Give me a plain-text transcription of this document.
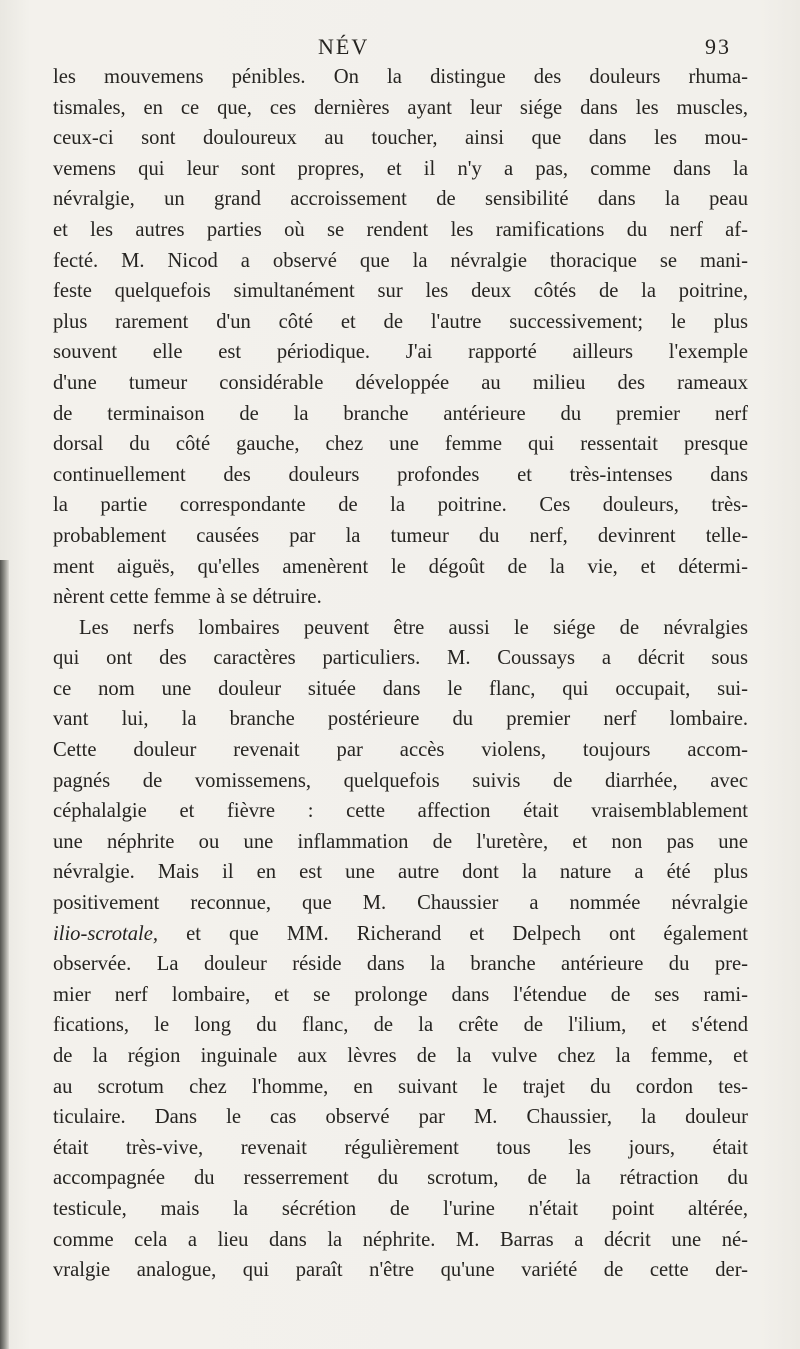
NÉV	93
les mouvemens pénibles. On la distingue des douleurs rhuma-
tismales, en ce que, ces dernières ayant leur siége dans les muscles,
ceux-ci sont douloureux au toucher, ainsi que dans les mou-
vemens qui leur sont propres, et il n'y a pas, comme dans la
névralgie, un grand accroissement de sensibilité dans la peau
et les autres parties où se rendent les ramifications du nerf af-
fecté. M. Nicod a observé que la névralgie thoracique se mani-
feste quelquefois simultanément sur les deux côtés de la poitrine,
plus rarement d'un côté et de l'autre successivement; le plus
souvent elle est périodique. J'ai rapporté ailleurs l'exemple
d'une tumeur considérable développée au milieu des rameaux
de terminaison de la branche antérieure du premier nerf
dorsal du côté gauche, chez une femme qui ressentait presque
continuellement des douleurs profondes et très-intenses dans
la partie correspondante de la poitrine. Ces douleurs, très-
probablement causées par la tumeur du nerf, devinrent telle-
ment aiguës, qu'elles amenèrent le dégoût de la vie, et détermi-
nèrent cette femme à se détruire.
Les nerfs lombaires peuvent être aussi le siége de névralgies
qui ont des caractères particuliers. M. Coussays a décrit sous
ce nom une douleur située dans le flanc, qui occupait, sui-
vant lui, la branche postérieure du premier nerf lombaire.
Cette douleur revenait par accès violens, toujours accom-
pagnés de vomissemens, quelquefois suivis de diarrhée, avec
céphalalgie et fièvre : cette affection était vraisemblablement
une néphrite ou une inflammation de l'uretère, et non pas une
névralgie. Mais il en est une autre dont la nature a été plus
positivement reconnue, que M. Chaussier a nommée névralgie
ilio-scrotale, et que MM. Richerand et Delpech ont également
observée. La douleur réside dans la branche antérieure du pre-
mier nerf lombaire, et se prolonge dans l'étendue de ses rami-
fications, le long du flanc, de la crête de l'ilium, et s'étend
de la région inguinale aux lèvres de la vulve chez la femme, et
au scrotum chez l'homme, en suivant le trajet du cordon tes-
ticulaire. Dans le cas observé par M. Chaussier, la douleur
était très-vive, revenait régulièrement tous les jours, était
accompagnée du resserrement du scrotum, de la rétraction du
testicule, mais la sécrétion de l'urine n'était point altérée,
comme cela a lieu dans la néphrite. M. Barras a décrit une né-
vralgie analogue, qui paraît n'être qu'une variété de cette der-
